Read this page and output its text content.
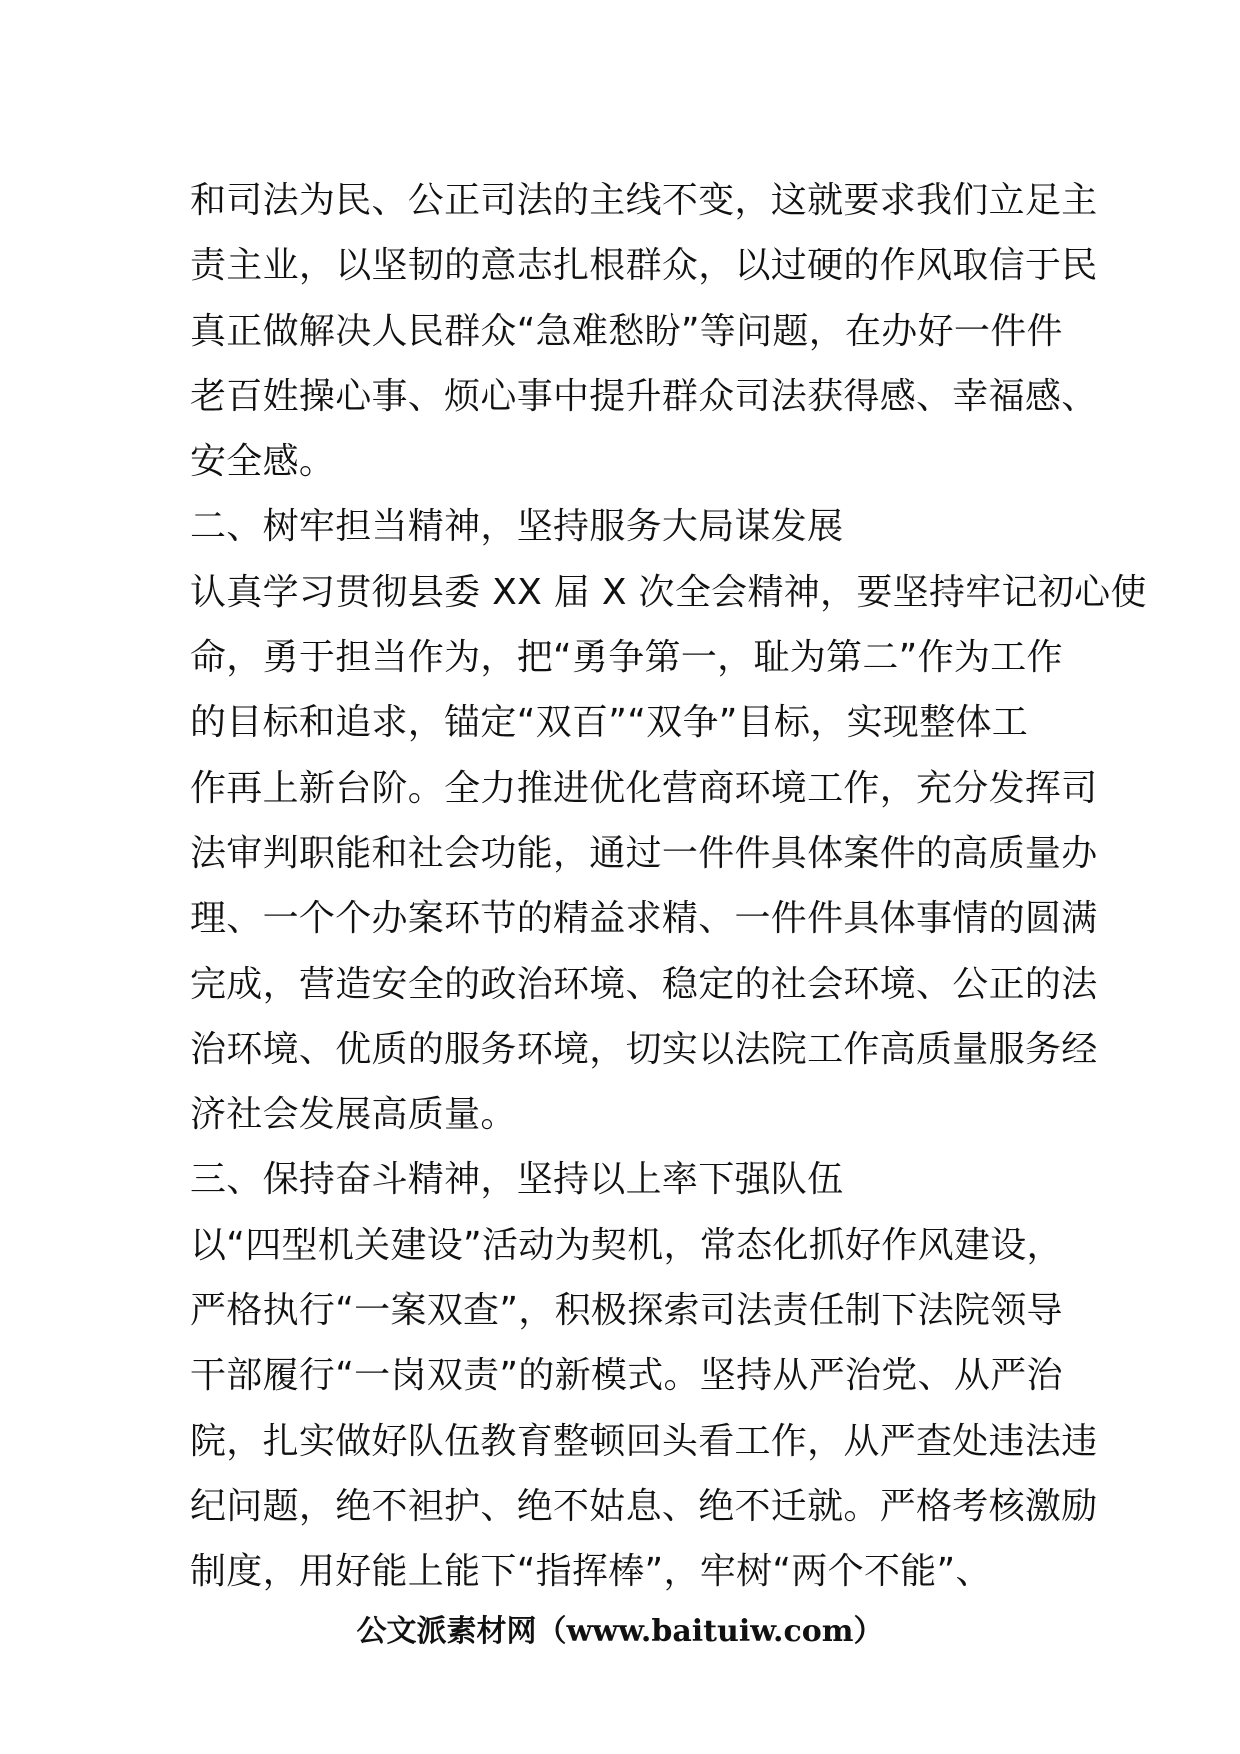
和司法为民、公正司法的主线不变，这就要求我们立足主
责主业，以坚韧的意志扎根群众，以过硬的作风取信于民
真正做解决人民群众“急难愁盼”等问题，在办好一件件
老百姓操心事、烦心事中提升群众司法获得感、幸福感、
安全感。
二、树牢担当精神，坚持服务大局谋发展
认真学习贯彻县委 XX 届 X 次全会精神，要坚持牢记初心使
命，勇于担当作为，把“勇争第一，耻为第二”作为工作
的目标和追求，锚定“双百”“双争”目标，实现整体工
作再上新台阶。全力推进优化营商环境工作，充分发挥司
法审判职能和社会功能，通过一件件具体案件的高质量办
理、一个个办案环节的精益求精、一件件具体事情的圆满
完成，营造安全的政治环境、稳定的社会环境、公正的法
治环境、优质的服务环境，切实以法院工作高质量服务经
济社会发展高质量。
三、保持奋斗精神，坚持以上率下强队伍
以“四型机关建设”活动为契机，常态化抓好作风建设，
严格执行“一案双查”，积极探索司法责任制下法院领导
干部履行“一岗双责”的新模式。坚持从严治党、从严治
院，扎实做好队伍教育整顿回头看工作，从严查处违法违
纪问题，绝不袒护、绝不姑息、绝不迁就。严格考核激励
制度，用好能上能下“指挥棒”，牢树“两个不能”、
公文派素材网（www.baituiw.com）
